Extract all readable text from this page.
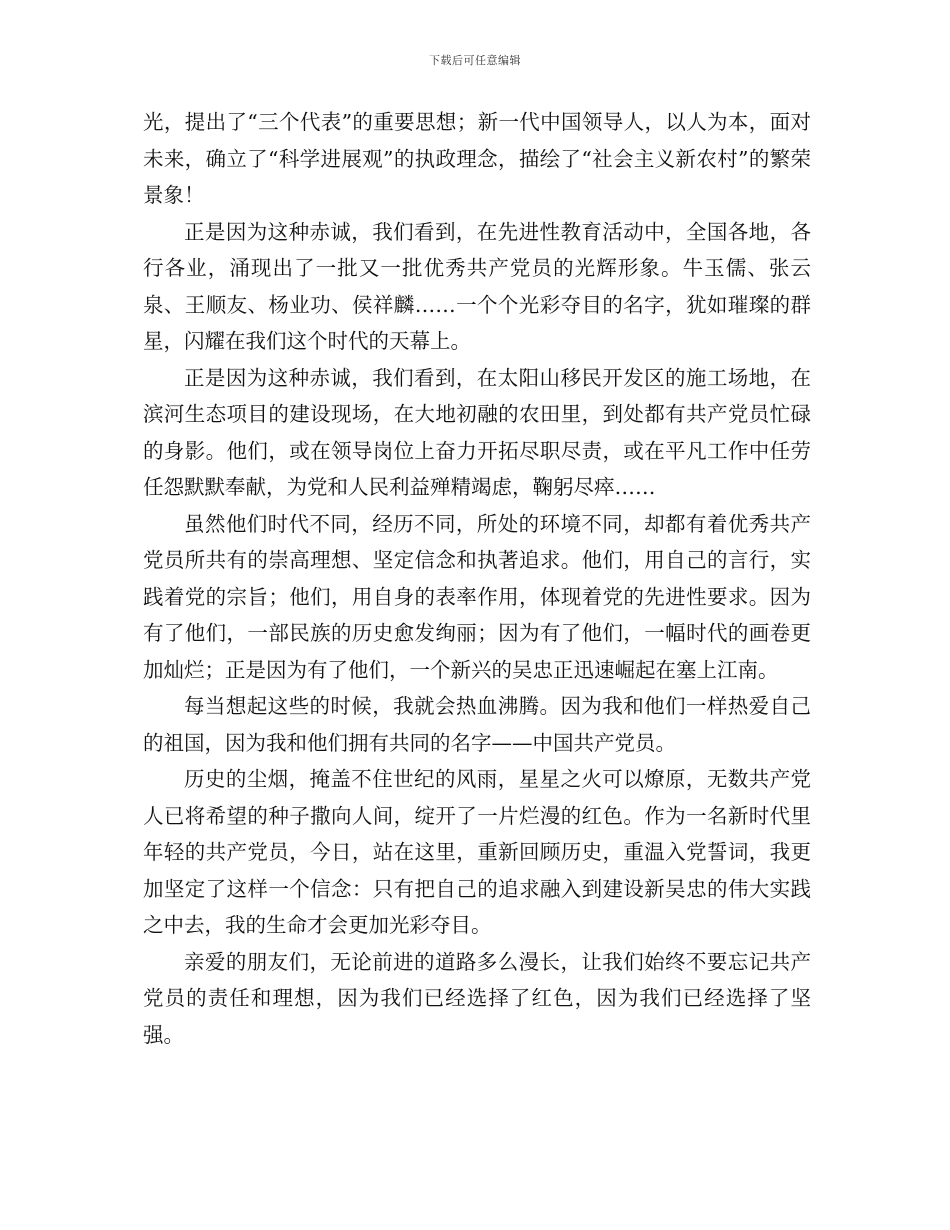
下载后可任意编辑

光，提出了“三个代表”的重要思想；新一代中国领导人，以人为本，面对未来，确立了“科学进展观”的执政理念，描绘了“社会主义新农村”的繁荣景象！

正是因为这种赤诚，我们看到，在先进性教育活动中，全国各地，各行各业，涌现出了一批又一批优秀共产党员的光辉形象。牛玉儒、张云泉、王顺友、杨业功、侯祥麟……一个个光彩夺目的名字，犹如璀璨的群星，闪耀在我们这个时代的天幕上。

正是因为这种赤诚，我们看到，在太阳山移民开发区的施工场地，在滨河生态项目的建设现场，在大地初融的农田里，到处都有共产党员忙碌的身影。他们，或在领导岗位上奋力开拓尽职尽责，或在平凡工作中任劳任怨默默奉献，为党和人民利益殚精竭虑，鞠躬尽瘁……

虽然他们时代不同，经历不同，所处的环境不同，却都有着优秀共产党员所共有的崇高理想、坚定信念和执著追求。他们，用自己的言行，实践着党的宗旨；他们，用自身的表率作用，体现着党的先进性要求。因为有了他们，一部民族的历史愈发绚丽；因为有了他们，一幅时代的画卷更加灿烂；正是因为有了他们，一个新兴的吴忠正迅速崛起在塞上江南。

每当想起这些的时候，我就会热血沸腾。因为我和他们一样热爱自己的祖国，因为我和他们拥有共同的名字——中国共产党员。

历史的尘烟，掩盖不住世纪的风雨，星星之火可以燎原，无数共产党人已将希望的种子撒向人间，绽开了一片烂漫的红色。作为一名新时代里年轻的共产党员，今日，站在这里，重新回顾历史，重温入党誓词，我更加坚定了这样一个信念：只有把自己的追求融入到建设新吴忠的伟大实践之中去，我的生命才会更加光彩夺目。

亲爱的朋友们，无论前进的道路多么漫长，让我们始终不要忘记共产党员的责任和理想，因为我们已经选择了红色，因为我们已经选择了坚强。
